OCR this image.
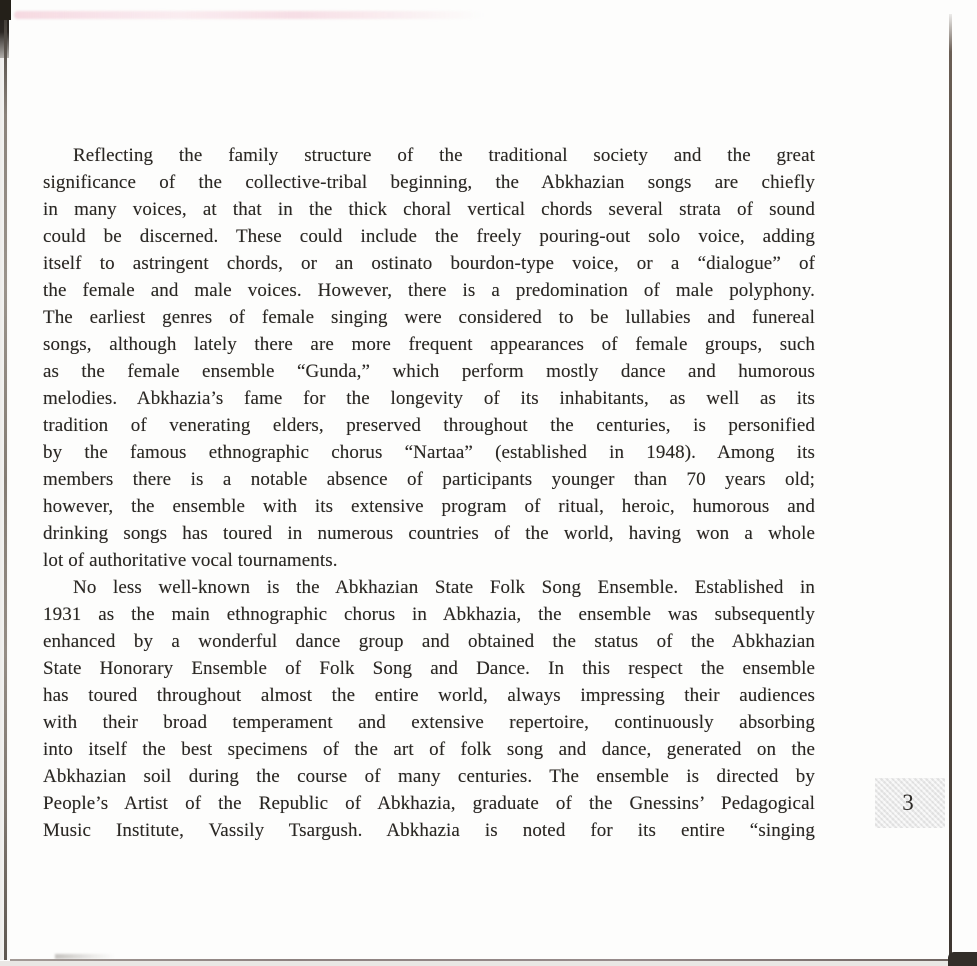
Reflecting the family structure of the traditional society and the great
significance of the collective-tribal beginning, the Abkhazian songs are chiefly
in many voices, at that in the thick choral vertical chords several strata of sound
could be discerned. These could include the freely pouring-out solo voice, adding
itself to astringent chords, or an ostinato bourdon-type voice, or a “dialogue” of
the female and male voices. However, there is a predomination of male polyphony.
The earliest genres of female singing were considered to be lullabies and funereal
songs, although lately there are more frequent appearances of female groups, such
as the female ensemble “Gunda,” which perform mostly dance and humorous
melodies. Abkhazia’s fame for the longevity of its inhabitants, as well as its
tradition of venerating elders, preserved throughout the centuries, is personified
by the famous ethnographic chorus “Nartaa” (established in 1948). Among its
members there is a notable absence of participants younger than 70 years old;
however, the ensemble with its extensive program of ritual, heroic, humorous and
drinking songs has toured in numerous countries of the world, having won a whole
lot of authoritative vocal tournaments.
No less well-known is the Abkhazian State Folk Song Ensemble. Established in
1931 as the main ethnographic chorus in Abkhazia, the ensemble was subsequently
enhanced by a wonderful dance group and obtained the status of the Abkhazian
State Honorary Ensemble of Folk Song and Dance. In this respect the ensemble
has toured throughout almost the entire world, always impressing their audiences
with their broad temperament and extensive repertoire, continuously absorbing
into itself the best specimens of the art of folk song and dance, generated on the
Abkhazian soil during the course of many centuries. The ensemble is directed by
People’s Artist of the Republic of Abkhazia, graduate of the Gnessins’ Pedagogical
Music Institute, Vassily Tsargush. Abkhazia is noted for its entire “singing
3
